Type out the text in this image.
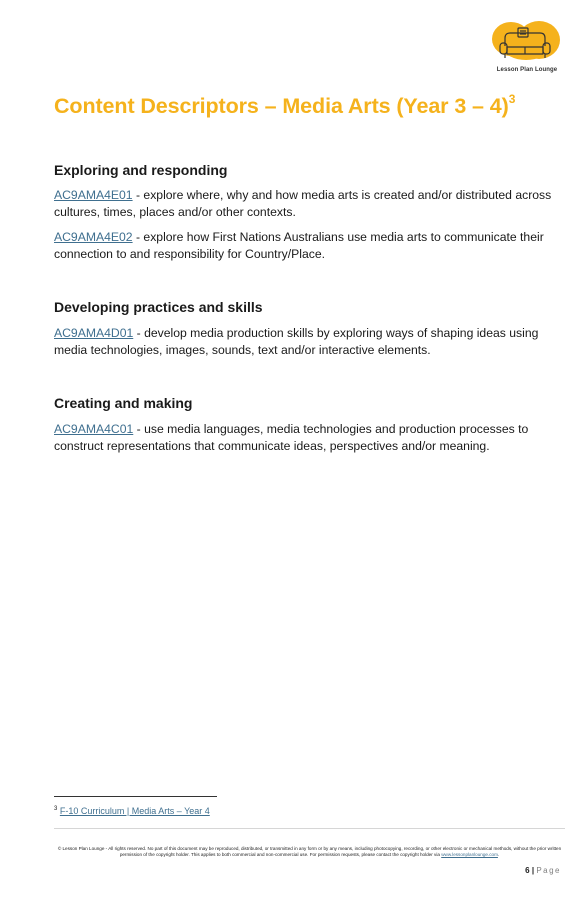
Lesson Plan Lounge
Content Descriptors – Media Arts (Year 3 – 4)$^3$
Exploring and responding
AC9AMA4E01 - explore where, why and how media arts is created and/or distributed across cultures, times, places and/or other contexts.
AC9AMA4E02 - explore how First Nations Australians use media arts to communicate their connection to and responsibility for Country/Place.
Developing practices and skills
AC9AMA4D01 - develop media production skills by exploring ways of shaping ideas using media technologies, images, sounds, text and/or interactive elements.
Creating and making
AC9AMA4C01 - use media languages, media technologies and production processes to construct representations that communicate ideas, perspectives and/or meaning.
$^3$ F-10 Curriculum | Media Arts – Year 4
© Lesson Plan Lounge - All rights reserved. No part of this document may be reproduced, distributed, or transmitted in any form or by any means, including photocopying, recording, or other electronic or mechanical methods, without the prior written permission of the copyright holder. This applies to both commercial and non-commercial use. For permission requests, please contact the copyright holder via www.lessonplanlounge.com.
6 | Page
